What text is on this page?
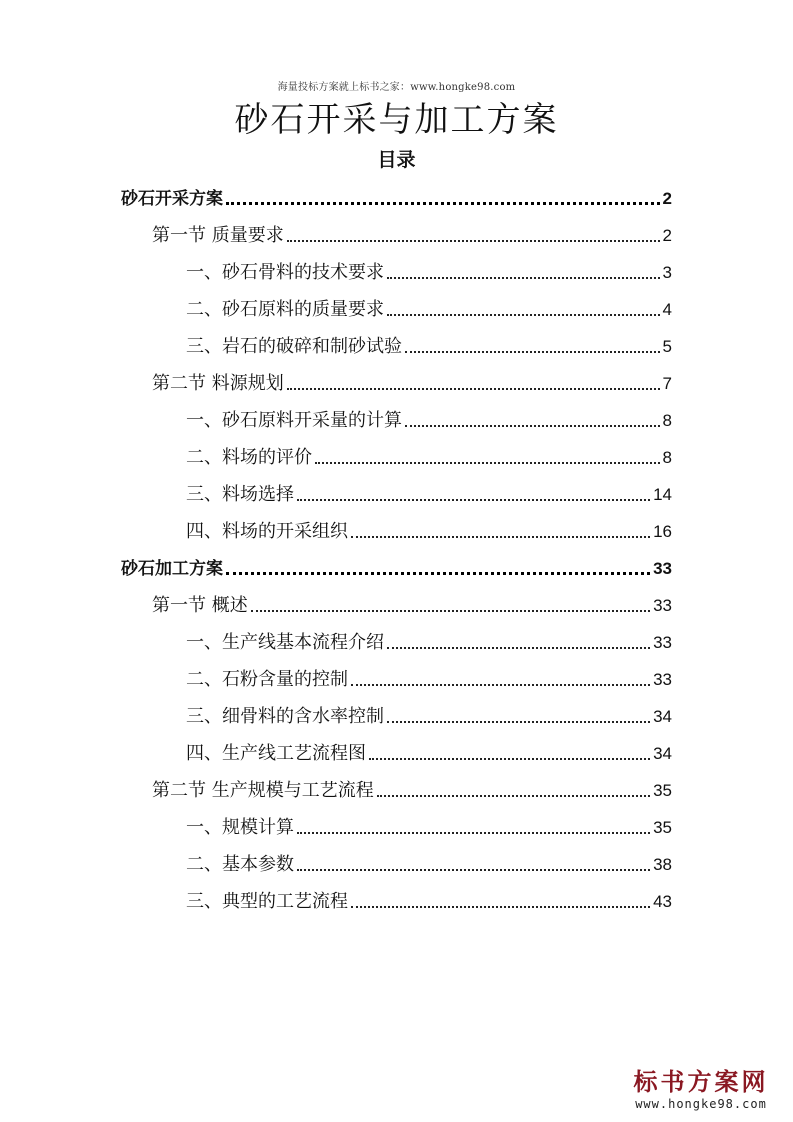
海量投标方案就上标书之家：www.hongke98.com
砂石开采与加工方案
目录
砂石开采方案	2
第一节 质量要求	2
一、砂石骨料的技术要求	3
二、砂石原料的质量要求	4
三、岩石的破碎和制砂试验	5
第二节 料源规划	7
一、砂石原料开采量的计算	8
二、料场的评价	8
三、料场选择	14
四、料场的开采组织	16
砂石加工方案	33
第一节 概述	33
一、生产线基本流程介绍	33
二、石粉含量的控制	33
三、细骨料的含水率控制	34
四、生产线工艺流程图	34
第二节 生产规模与工艺流程	35
一、规模计算	35
二、基本参数	38
三、典型的工艺流程	43
标书方案网
www.hongke98.com
